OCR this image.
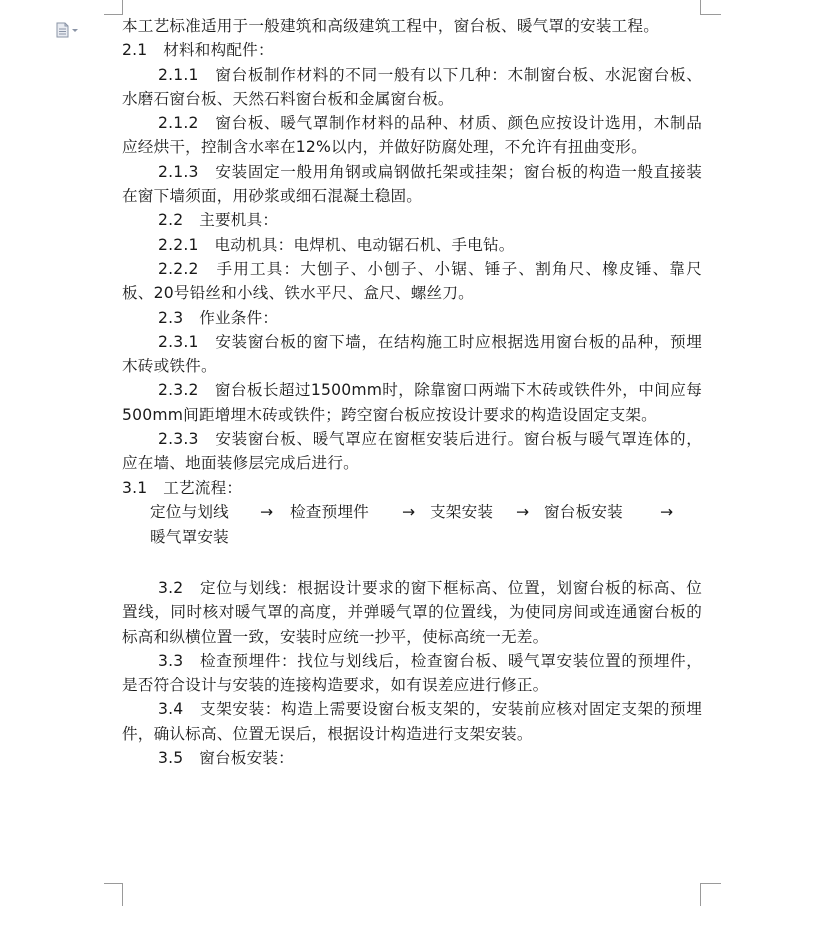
本工艺标准适用于一般建筑和高级建筑工程中，窗台板、暖气罩的安装工程。

2.1　材料和构配件：

2.1.1　窗台板制作材料的不同一般有以下几种：木制窗台板、水泥窗台板、水磨石窗台板、天然石料窗台板和金属窗台板。

2.1.2　窗台板、暖气罩制作材料的品种、材质、颜色应按设计选用，木制品应经烘干，控制含水率在12%以内，并做好防腐处理，不允许有扭曲变形。

2.1.3　安装固定一般用角钢或扁钢做托架或挂架；窗台板的构造一般直接装在窗下墙须面，用砂浆或细石混凝土稳固。

2.2　主要机具：

2.2.1　电动机具：电焊机、电动锯石机、手电钻。

2.2.2　手用工具：大刨子、小刨子、小锯、锤子、割角尺、橡皮锤、靠尺板、20号铅丝和小线、铁水平尺、盒尺、螺丝刀。

2.3　作业条件：

2.3.1　安装窗台板的窗下墙，在结构施工时应根据选用窗台板的品种，预埋木砖或铁件。

2.3.2　窗台板长超过1500mm时，除靠窗口两端下木砖或铁件外，中间应每500mm间距增埋木砖或铁件；跨空窗台板应按设计要求的构造设固定支架。

2.3.3　安装窗台板、暖气罩应在窗框安装后进行。窗台板与暖气罩连体的，应在墙、地面装修层完成后进行。

3.1　工艺流程：

定位与划线 → 检查预埋件 → 支架安装 → 窗台板安装 →
暖气罩安装

3.2　定位与划线：根据设计要求的窗下框标高、位置，划窗台板的标高、位置线，同时核对暖气罩的高度，并弹暖气罩的位置线，为使同房间或连通窗台板的标高和纵横位置一致，安装时应统一抄平，使标高统一无差。

3.3　检查预埋件：找位与划线后，检查窗台板、暖气罩安装位置的预埋件，是否符合设计与安装的连接构造要求，如有误差应进行修正。

3.4　支架安装：构造上需要设窗台板支架的，安装前应核对固定支架的预埋件，确认标高、位置无误后，根据设计构造进行支架安装。

3.5　窗台板安装：
